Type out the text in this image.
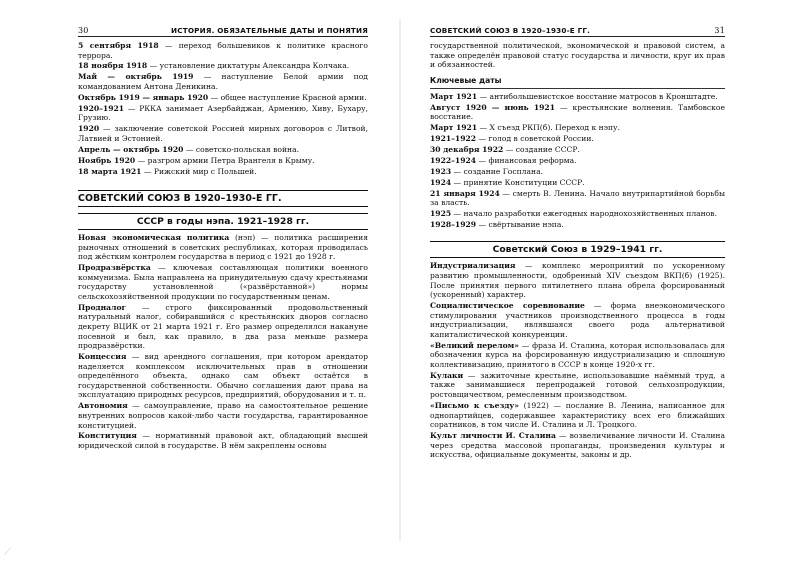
30	ИСТОРИЯ. ОБЯЗАТЕЛЬНЫЕ ДАТЫ И ПОНЯТИЯ

5 сентября 1918 — переход большевиков к политике красного террора.

18 ноября 1918 — установление диктатуры Александра Колчака.

Май — октябрь 1919 — наступление Белой армии под командованием Антона Деникина.

Октябрь 1919 — январь 1920 — общее наступление Красной армии.

1920–1921 — РККА занимает Азербайджан, Армению, Хиву, Бухару, Грузию.

1920 — заключение советской Россией мирных договоров с Литвой, Латвией и Эстонией.

Апрель — октябрь 1920 — советско-польская война.

Ноябрь 1920 — разгром армии Петра Врангеля в Крыму.

18 марта 1921 — Рижский мир с Польшей.

СОВЕТСКИЙ СОЮЗ В 1920–1930-Е ГГ.
СССР в годы нэпа. 1921–1928 гг.

Новая экономическая политика (нэп) — политика расширения рыночных отношений в советских республиках, которая проводилась под жёстким контролем государства в период с 1921 до 1928 г.

Продразвёрстка — ключевая составляющая политики военного коммунизма. Была направлена на принудительную сдачу крестьянами государству установленной («развёрстанной») нормы сельскохозяйственной продукции по государственным ценам.

Продналог — строго фиксированный продовольственный натуральный налог, собиравшийся с крестьянских дворов согласно декрету ВЦИК от 21 марта 1921 г. Его размер определялся накануне посевной и был, как правило, в два раза меньше размера продразвёрстки.

Концессия — вид арендного соглашения, при котором арендатор наделяется комплексом исключительных прав в отношении определённого объекта, однако сам объект остаётся в государственной собственности. Обычно соглашения дают права на эксплуатацию природных ресурсов, предприятий, оборудования и т. п.

Автономия — самоуправление, право на самостоятельное решение внутренних вопросов какой-либо части государства, гарантированное конституцией.

Конституция — нормативный правовой акт, обладающий высшей юридической силой в государстве. В нём закреплены основы

СОВЕТСКИЙ СОЮЗ В 1920–1930-Е ГГ.	31

государственной политической, экономической и правовой систем, а также определён правовой статус государства и личности, круг их прав и обязанностей.

Ключевые даты

Март 1921 — антибольшевистское восстание матросов в Кронштадте.

Август 1920 — июнь 1921 — крестьянские волнения. Тамбовское восстание.

Март 1921 — X съезд РКП(б). Переход к нэпу.

1921–1922 — голод в советской России.

30 декабря 1922 — создание СССР.

1922–1924 — финансовая реформа.

1923 — создание Госплана.

1924 — принятие Конституции СССР.

21 января 1924 — смерть В. Ленина. Начало внутрипартийной борьбы за власть.

1925 — начало разработки ежегодных народнохозяйственных планов.

1928–1929 — свёртывание нэпа.

Советский Союз в 1929–1941 гг.

Индустриализация — комплекс мероприятий по ускоренному развитию промышленности, одобренный XIV съездом ВКП(б) (1925). После принятия первого пятилетнего плана обрела форсированный (ускоренный) характер.

Социалистическое соревнование — форма внеэкономического стимулирования участников производственного процесса в годы индустриализации, являвшаяся своего рода альтернативой капиталистической конкуренции.

«Великий перелом» — фраза И. Сталина, которая использовалась для обозначения курса на форсированную индустриализацию и сплошную коллективизацию, принятого в СССР в конце 1920-х гг.

Кулаки — зажиточные крестьяне, использовавшие наёмный труд, а также занимавшиеся перепродажей готовой сельхозпродукции, ростовщичеством, ремесленным производством.

«Письмо к съезду» (1922) — послание В. Ленина, написанное для однопартийцев, содержавшее характеристику всех его ближайших соратников, в том числе И. Сталина и Л. Троцкого.

Культ личности И. Сталина — возвеличивание личности И. Сталина через средства массовой пропаганды, произведения культуры и искусства, официальные документы, законы и др.

⟋
